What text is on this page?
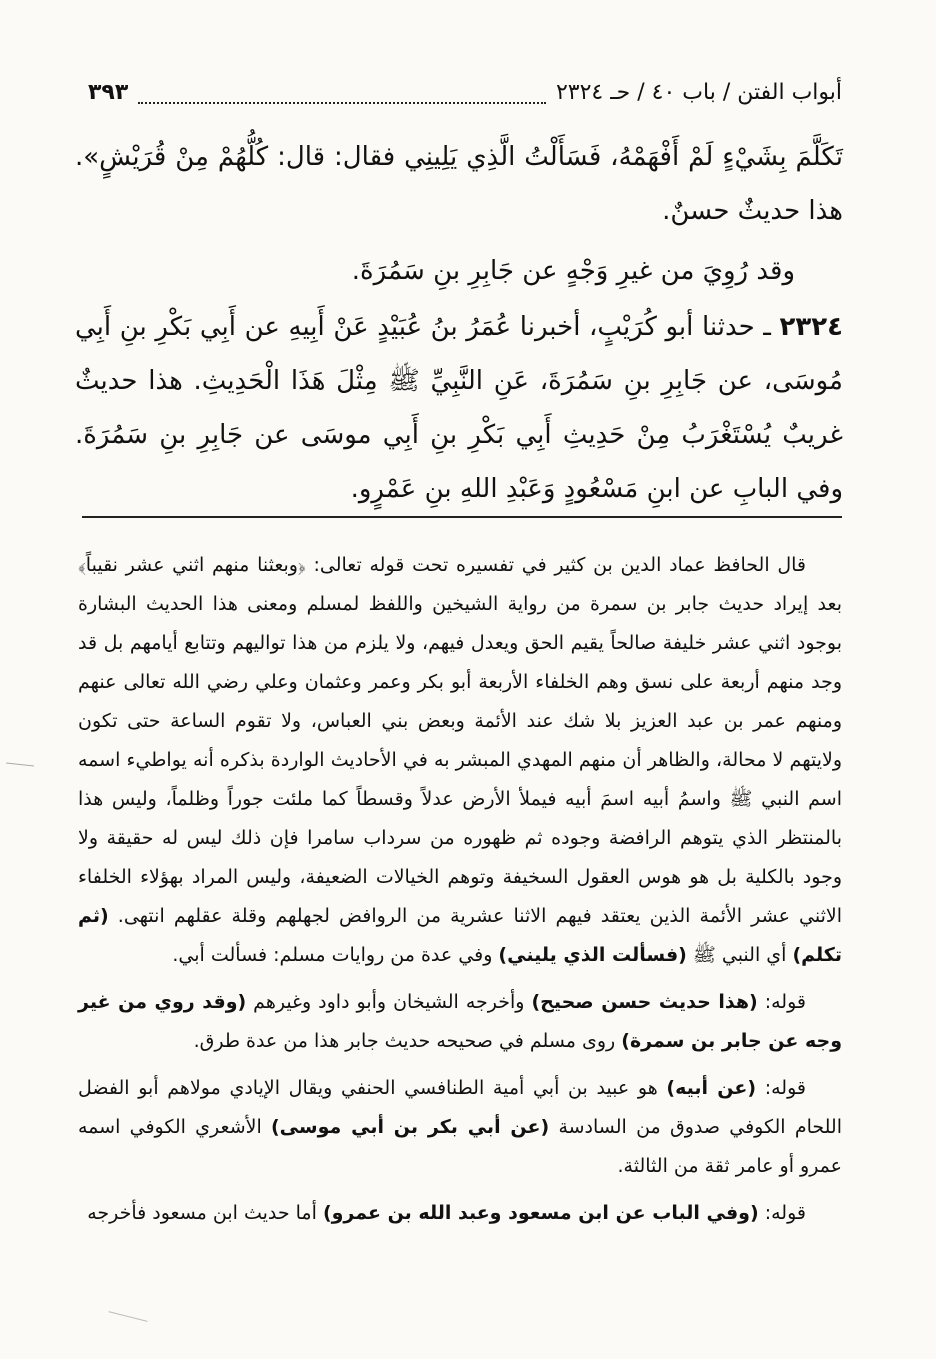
أبواب الفتن / باب ٤٠ / حـ ٢٣٢٤
٣٩٣

تَكَلَّمَ بِشَيْءٍ لَمْ أَفْهَمْهُ، فَسَأَلْتُ الَّذِي يَلِينِي فقال: قال: كُلُّهُمْ مِنْ قُرَيْشٍ». هذا حديثٌ حسنٌ.

وقد رُوِيَ من غيرِ وَجْهٍ عن جَابِرِ بنِ سَمُرَةَ.

٢٣٢٤ ـ حدثنا أبو كُرَيْبٍ، أخبرنا عُمَرُ بنُ عُبَيْدٍ عَنْ أَبِيهِ عن أَبِي بَكْرِ بنِ أَبِي مُوسَى، عن جَابِرِ بنِ سَمُرَةَ، عَنِ النَّبِيِّ ﷺ مِثْلَ هَذَا الْحَدِيثِ. هذا حديثٌ غريبٌ يُسْتَغْرَبُ مِنْ حَدِيثِ أَبِي بَكْرِ بنِ أَبِي موسَى عن جَابِرِ بنِ سَمُرَةَ. وفي البابِ عن ابنِ مَسْعُودٍ وَعَبْدِ اللهِ بنِ عَمْرٍو.

قال الحافظ عماد الدين بن كثير في تفسيره تحت قوله تعالى: ﴿وبعثنا منهم اثني عشر نقيباً﴾ بعد إيراد حديث جابر بن سمرة من رواية الشيخين واللفظ لمسلم ومعنى هذا الحديث البشارة بوجود اثني عشر خليفة صالحاً يقيم الحق ويعدل فيهم، ولا يلزم من هذا تواليهم وتتابع أيامهم بل قد وجد منهم أربعة على نسق وهم الخلفاء الأربعة أبو بكر وعمر وعثمان وعلي رضي الله تعالى عنهم ومنهم عمر بن عبد العزيز بلا شك عند الأئمة وبعض بني العباس، ولا تقوم الساعة حتى تكون ولايتهم لا محالة، والظاهر أن منهم المهدي المبشر به في الأحاديث الواردة بذكره أنه يواطيء اسمه اسم النبي ﷺ واسمُ أبيه اسمَ أبيه فيملأ الأرض عدلاً وقسطاً كما ملئت جوراً وظلماً، وليس هذا بالمنتظر الذي يتوهم الرافضة وجوده ثم ظهوره من سرداب سامرا فإن ذلك ليس له حقيقة ولا وجود بالكلية بل هو هوس العقول السخيفة وتوهم الخيالات الضعيفة، وليس المراد بهؤلاء الخلفاء الاثني عشر الأئمة الذين يعتقد فيهم الاثنا عشرية من الروافض لجهلهم وقلة عقلهم انتهى. (ثم تكلم) أي النبي ﷺ (فسألت الذي يليني) وفي عدة من روايات مسلم: فسألت أبي.

قوله: (هذا حديث حسن صحيح) وأخرجه الشيخان وأبو داود وغيرهم (وقد روي من غير وجه عن جابر بن سمرة) روى مسلم في صحيحه حديث جابر هذا من عدة طرق.

قوله: (عن أبيه) هو عبيد بن أبي أمية الطنافسي الحنفي ويقال الإيادي مولاهم أبو الفضل اللحام الكوفي صدوق من السادسة (عن أبي بكر بن أبي موسى) الأشعري الكوفي اسمه عمرو أو عامر ثقة من الثالثة.

قوله: (وفي الباب عن ابن مسعود وعبد الله بن عمرو) أما حديث ابن مسعود فأخرجه
